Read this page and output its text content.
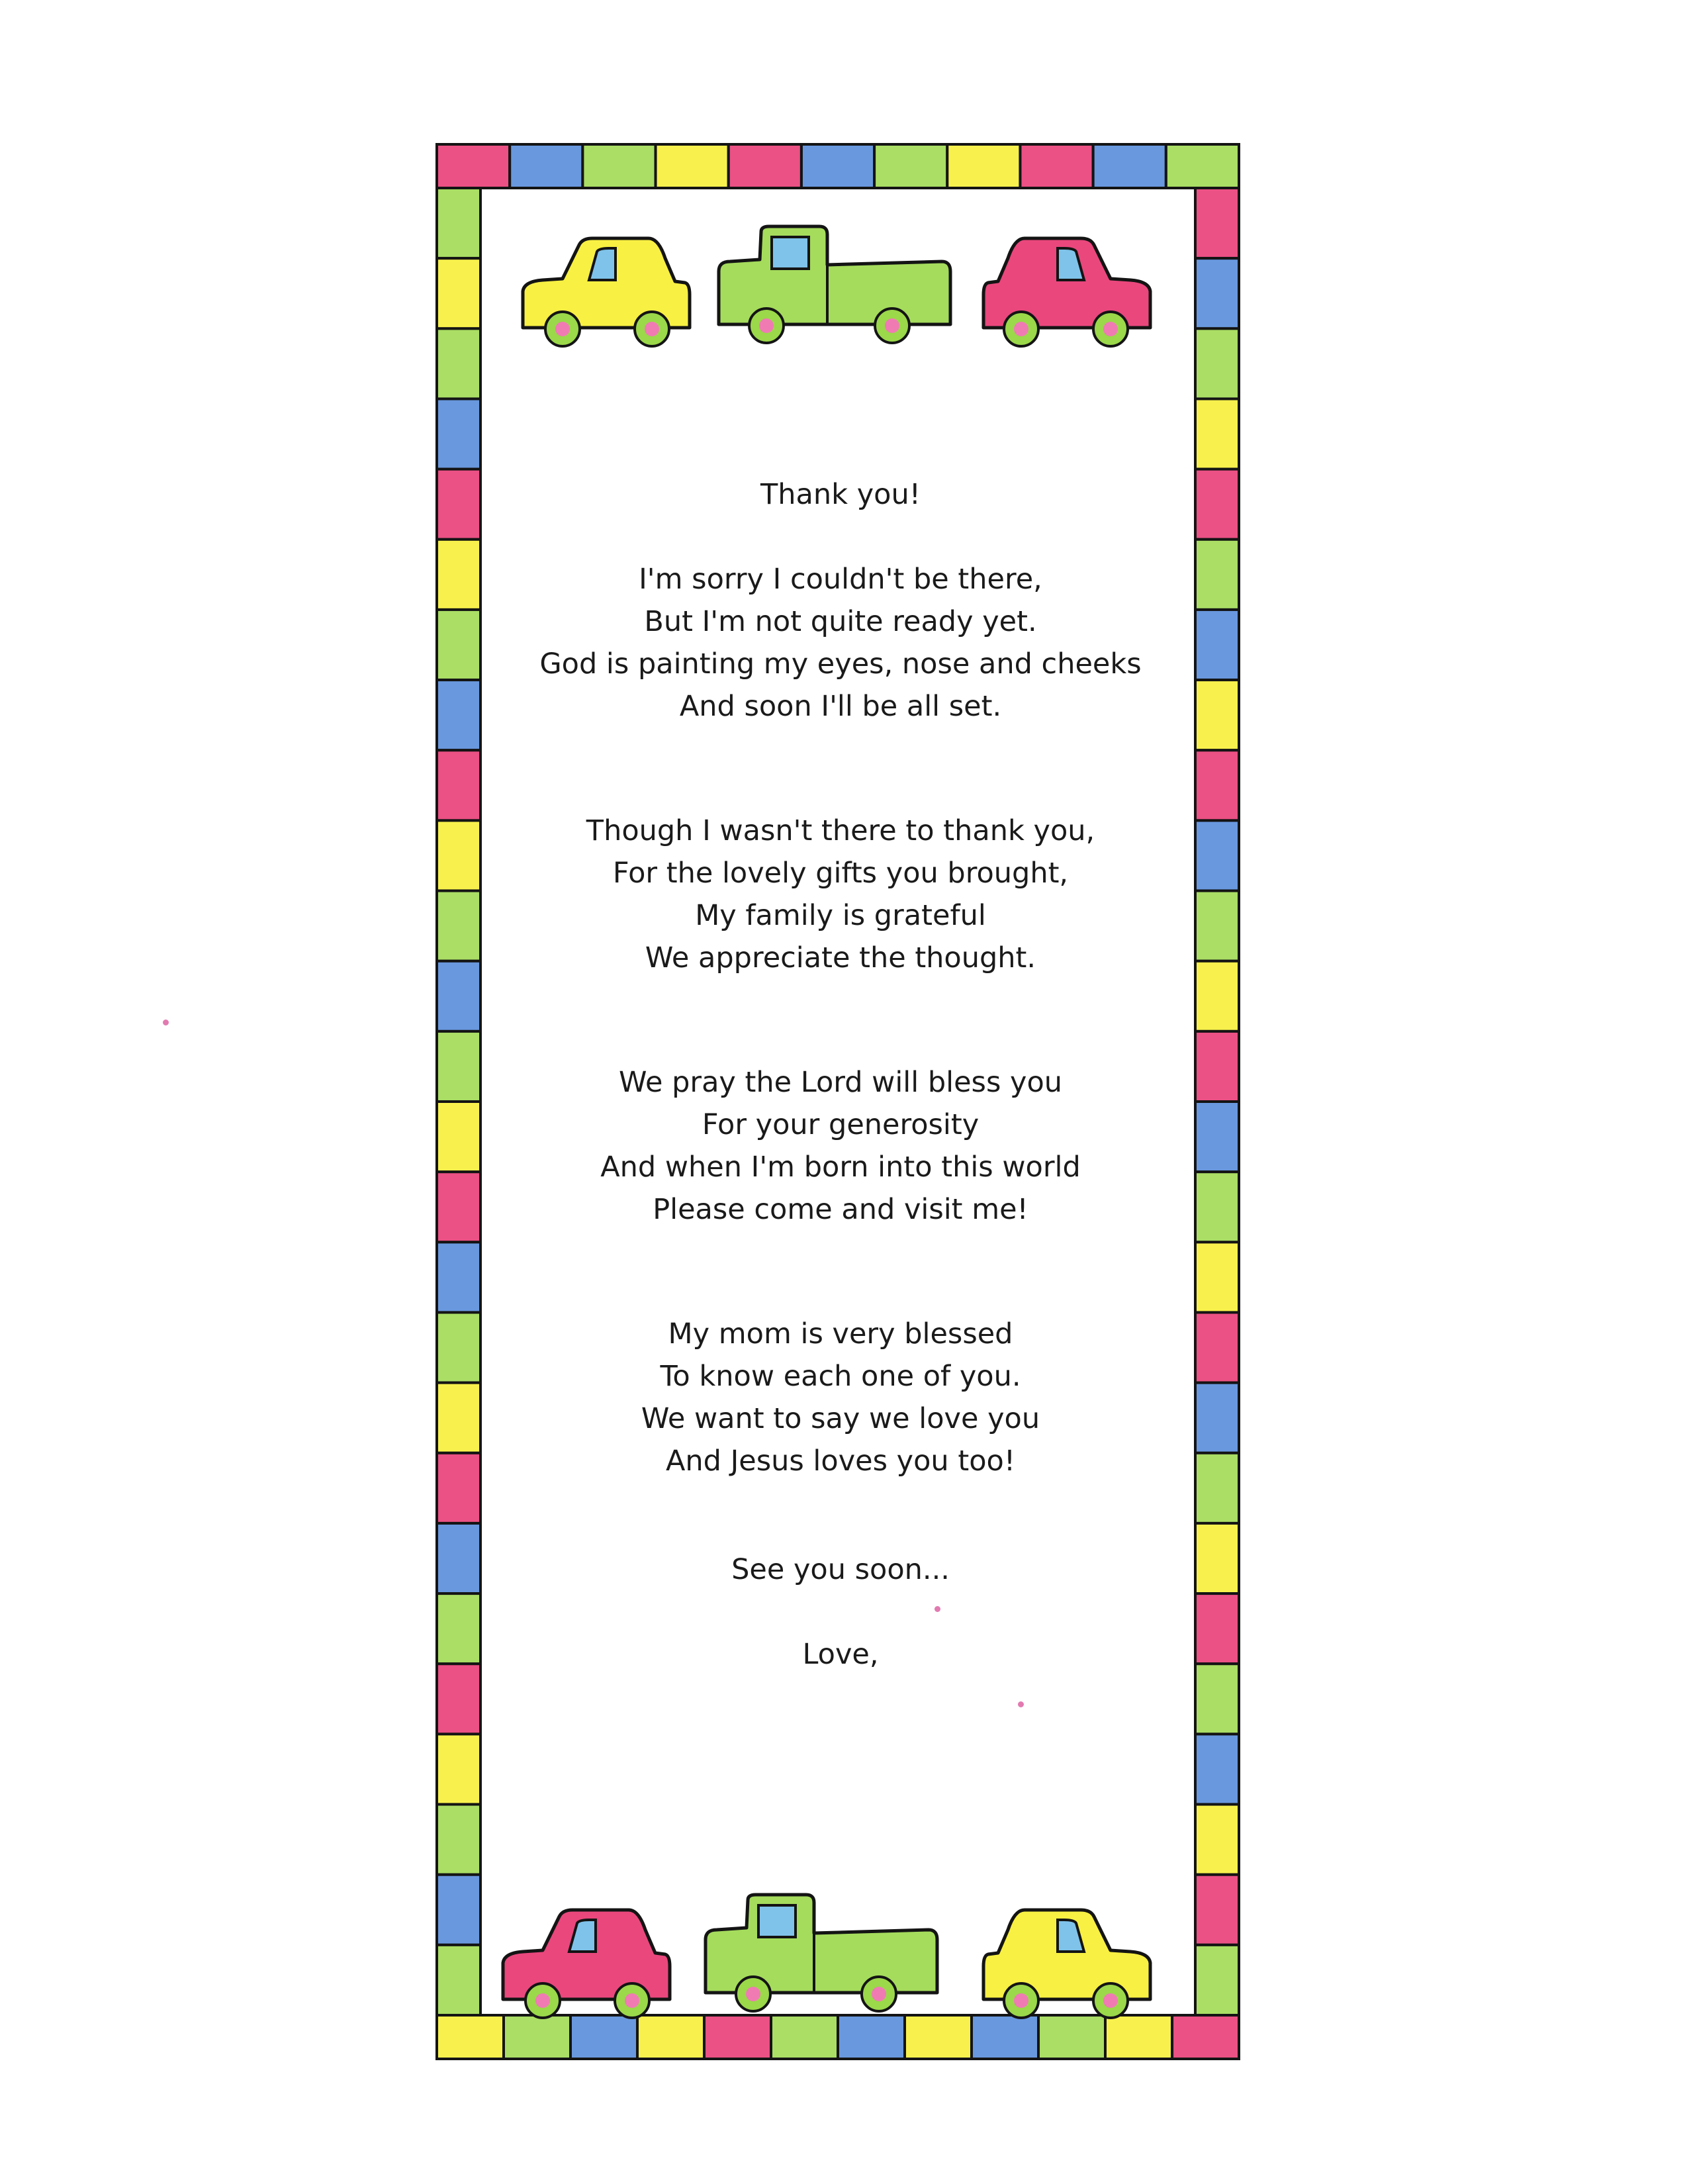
Thank you!
I'm sorry I couldn't be there,
But I'm not quite ready yet.
God is painting my eyes, nose and cheeks
And soon I'll be all set.
Though I wasn't there to thank you,
For the lovely gifts you brought,
My family is grateful
We appreciate the thought.
We pray the Lord will bless you
For your generosity
And when I'm born into this world
Please come and visit me!
My mom is very blessed
To know each one of you.
We want to say we love you
And Jesus loves you too!
See you soon...
Love,
